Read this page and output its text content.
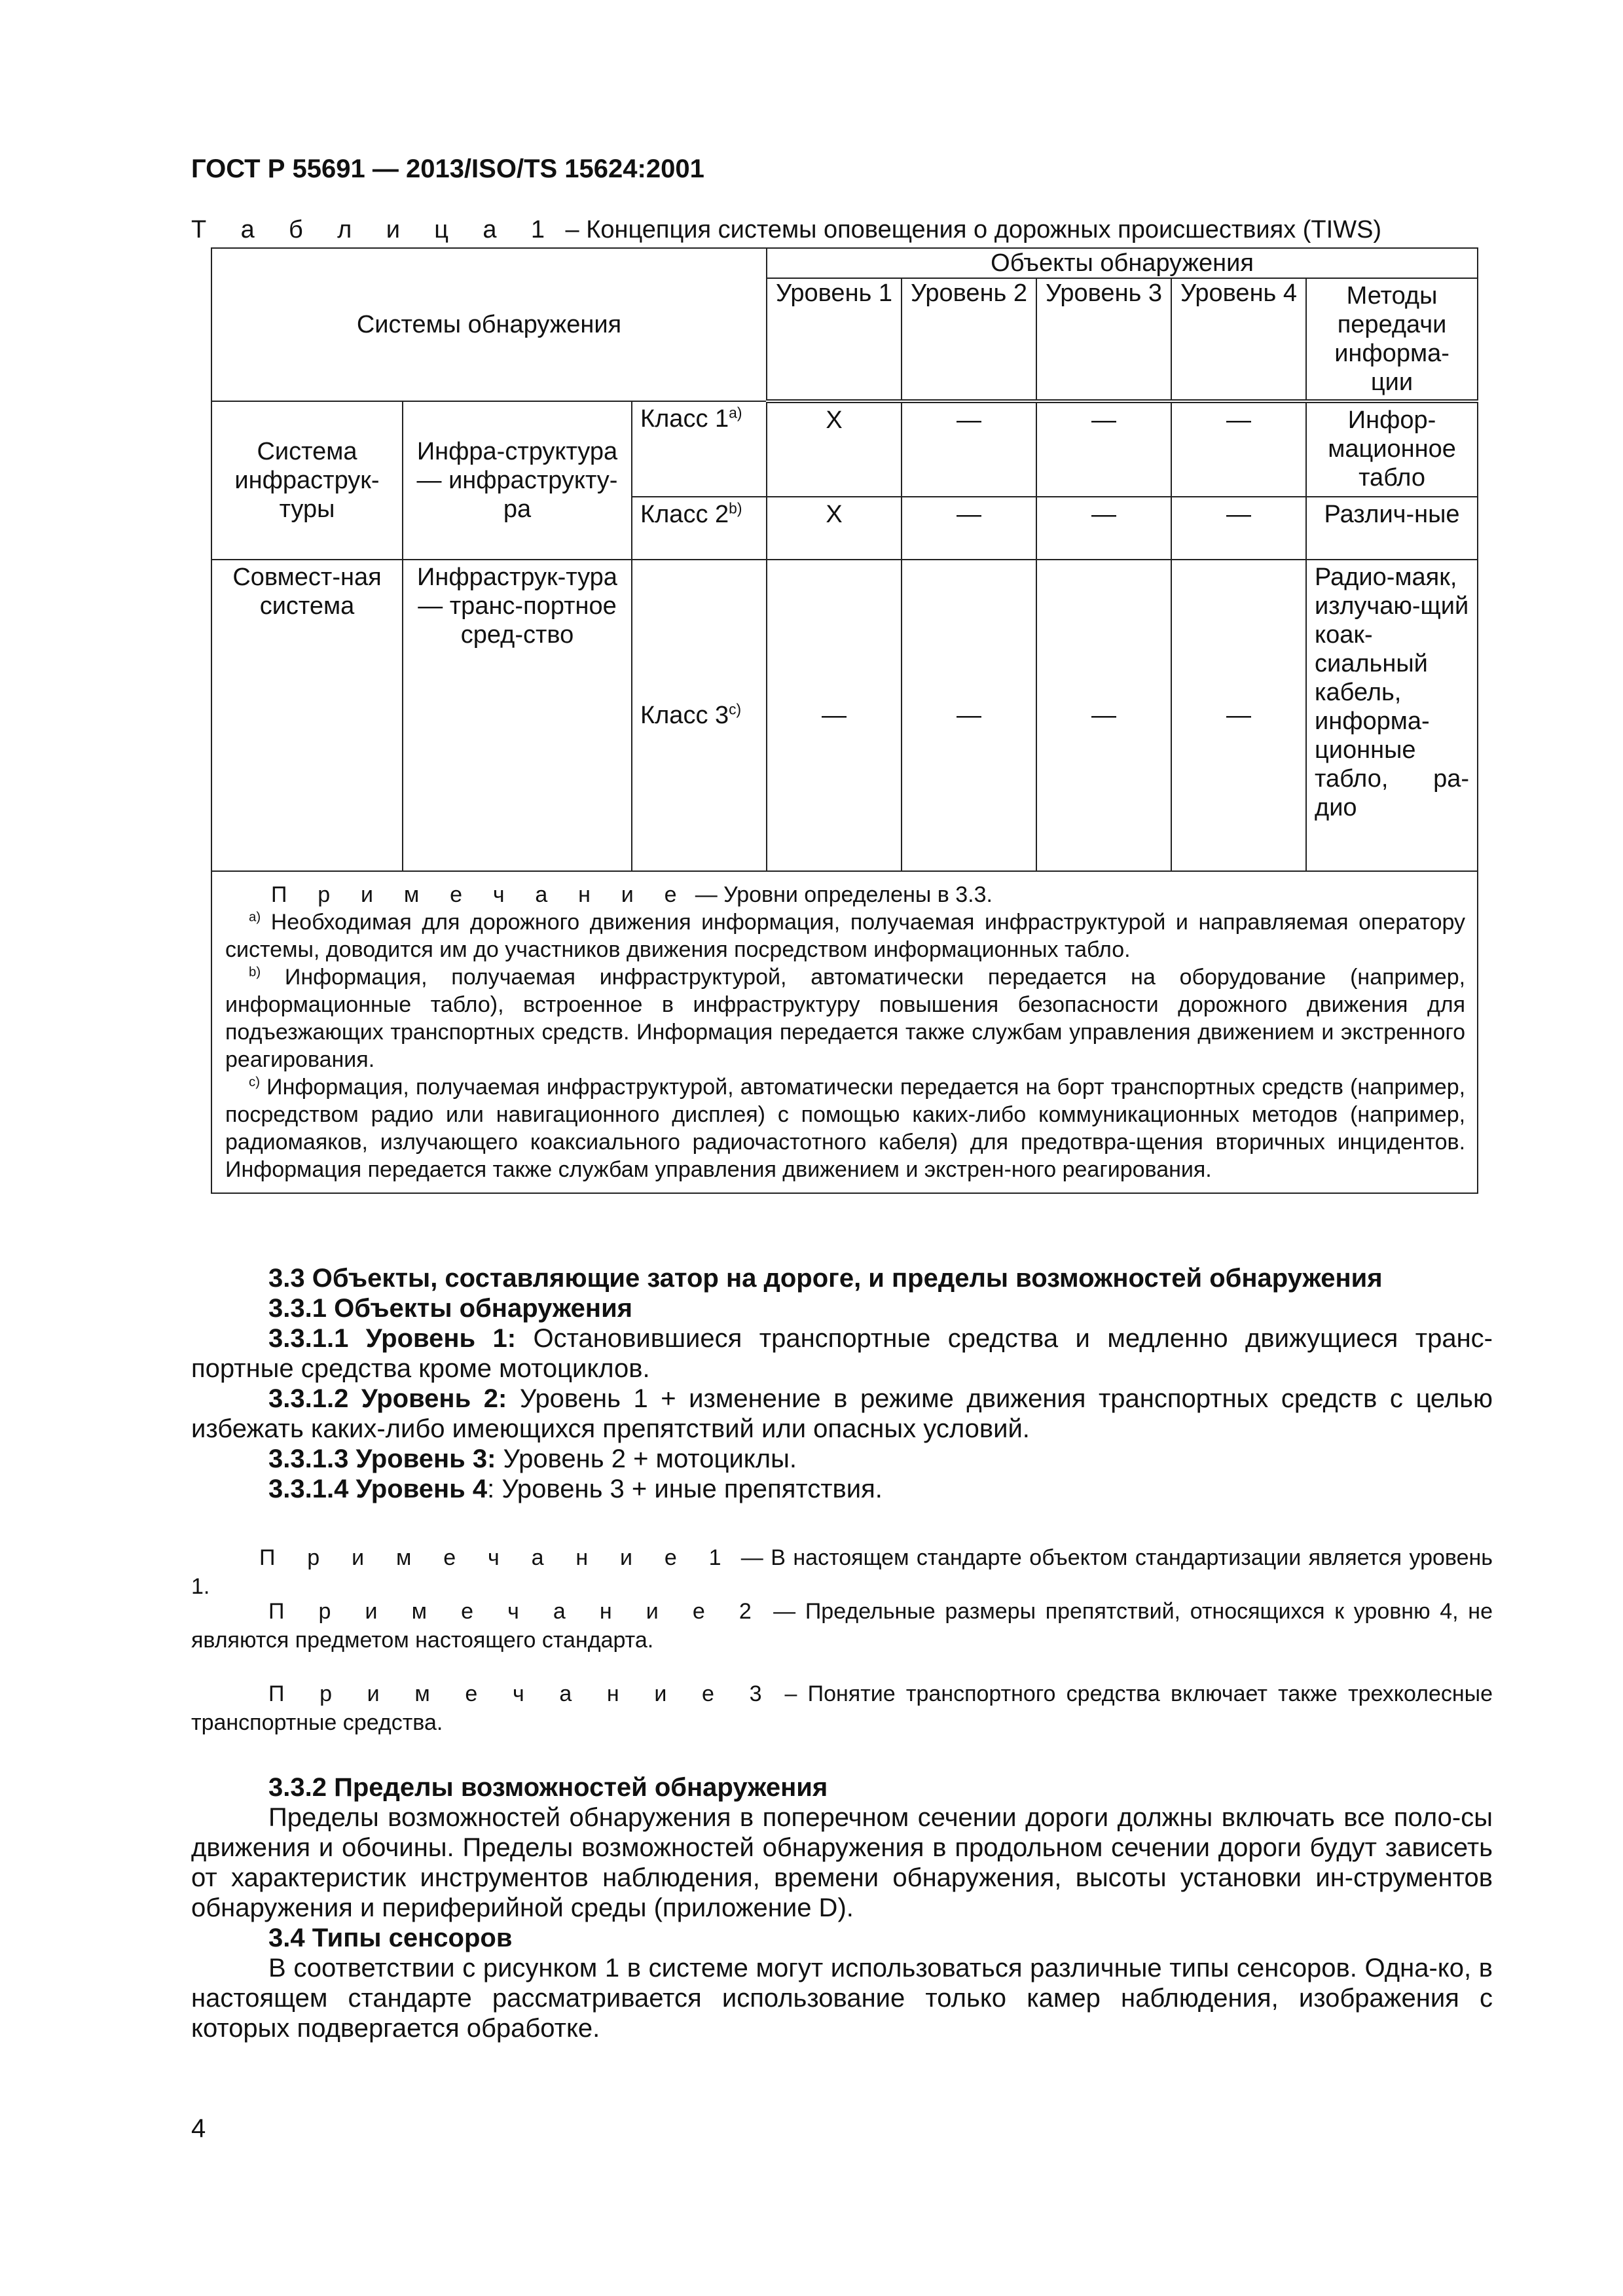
ГОСТ Р 55691 — 2013/ISO/TS 15624:2001
Т а б л и ц а 1 – Концепция системы оповещения о дорожных происшествиях (TIWS)
Системы обнаружения			Объекты обнаружения				
			Уровень 1	Уровень 2	Уровень 3	Уровень 4	Методы передачи информа-ции
Система инфраструк-туры	Инфра-структура — инфраструкту-ра	Класс 1$^{a)}$	X	—	—	—	Инфор-мационное табло
		Класс 2$^{b)}$	X	—	—	—	Различ-ные
Совмест-ная система	Инфраструк-тура — транс-портное сред-ство	Класс 3$^{c)}$	—	—	—	—	Радио-маяк, излучаю-щий коак-сиальный кабель, информа-ционные табло, ра-дио

П р и м е ч а н и е — Уровни определены в 3.3.

$^{a)}$ Необходимая для дорожного движения информация, получаемая инфраструктурой и направляемая оператору системы, доводится им до участников движения посредством информационных табло.

$^{b)}$ Информация, получаемая инфраструктурой, автоматически передается на оборудование (например, информационные табло), встроенное в инфраструктуру повышения безопасности дорожного движения для подъезжающих транспортных средств. Информация передается также службам управления движением и экстренного реагирования.

$^{c)}$ Информация, получаемая инфраструктурой, автоматически передается на борт транспортных средств (например, посредством радио или навигационного дисплея) с помощью каких-либо коммуникационных методов (например, радиомаяков, излучающего коаксиального радиочастотного кабеля) для предотвра-щения вторичных инцидентов. Информация передается также службам управления движением и экстрен-ного реагирования.							

3.3 Объекты, составляющие затор на дороге, и пределы возможностей обнаружения

3.3.1 Объекты обнаружения

3.3.1.1 Уровень 1: Остановившиеся транспортные средства и медленно движущиеся транс-портные средства кроме мотоциклов.

3.3.1.2 Уровень 2: Уровень 1 + изменение в режиме движения транспортных средств с целью избежать каких-либо имеющихся препятствий или опасных условий.

3.3.1.3 Уровень 3: Уровень 2 + мотоциклы.

3.3.1.4 Уровень 4: Уровень 3 + иные препятствия.

П р и м е ч а н и е 1 — В настоящем стандарте объектом стандартизации является уровень 1.

П р и м е ч а н и е 2 — Предельные размеры препятствий, относящихся к уровню 4, не являются предметом настоящего стандарта.

П р и м е ч а н и е 3 – Понятие транспортного средства включает также трехколесные транспортные средства.

3.3.2 Пределы возможностей обнаружения

Пределы возможностей обнаружения в поперечном сечении дороги должны включать все поло-сы движения и обочины. Пределы возможностей обнаружения в продольном сечении дороги будут зависеть от характеристик инструментов наблюдения, времени обнаружения, высоты установки ин-струментов обнаружения и периферийной среды (приложение D).

3.4 Типы сенсоров

В соответствии с рисунком 1 в системе могут использоваться различные типы сенсоров. Одна-ко, в настоящем стандарте рассматривается использование только камер наблюдения, изображения с которых подвергается обработке.

4
